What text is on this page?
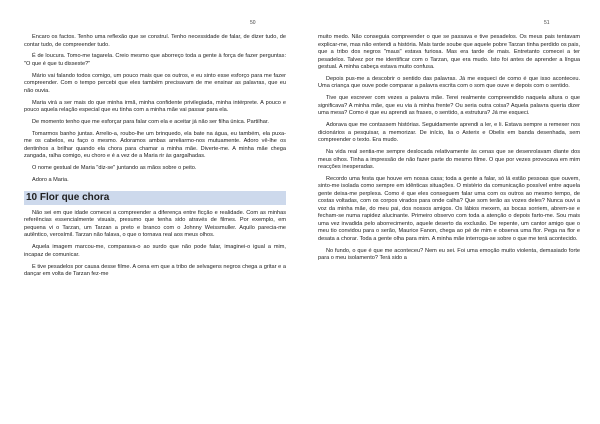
50

Encaro os factos. Tenho uma reflexão que se construí. Tenho necessidade de falar, de dizer tudo, de contar tudo, de compreender tudo.

É de loucura. Tomo-me tagarela. Creio mesmo que aborreço toda a gente à força de fazer perguntas: "O que é que tu disseste?"

Mário vai falando todos comigo, um pouco mais que os outros, e eu sinto esse esforço para me fazer compreender. Com o tempo percebi que eles também precisavam de me ensinar as palavras, que eu não ouvia.

Maria virá a ser mais do que minha irmã, minha confidente privilegiada, minha intérprete. A pouco e pouco aquela relação especial que eu tinha com a minha mãe vai passar para ela.

De momento tenho que me esforçar para falar com ela e aceitar já não ser filha única. Partilhar.

Tomarmos banho juntas. Arrelio-a, roubo-lhe um brinquedo, ela bate na água, eu também, ela puxa-me os cabelos, eu faço o mesmo. Adoramos ambas arreliarmo-nos mutuamente. Adoro vê-lhe os dentinhos a brilhar quando ela chora para chamar a minha mãe. Diverte-me. A minha mãe chega zangada, ralha comigo, eu choro e é a vez de a Maria rir às gargalhadas.

O nome gestual de Maria "diz-se" juntando as mãos sobre o peito.

Adoro a Maria.

10 Flor que chora

Não sei em que idade comecei a compreender a diferença entre ficção e realidade. Com as minhas referências essencialmente visuais, presumo que tenha sido através de filmes. Por exemplo, em pequena vi o Tarzan, um Tarzan a preto e branco com o Johnny Weissmuller. Aquilo parecia-me autêntico, verosímil. Tarzan não falava, o que o tornava real aos meus olhos.

Aquela imagem marcou-me, comparava-o ao surdo que não pode falar, imaginei-o igual a mim, incapaz de comunicar.

E tive pesadelos por causa desse filme. A cena em que a tribo de selvagens negros chega a gritar e a dançar em volta de Tarzan fez-me

51

muito medo. Não conseguia compreender o que se passava e tive pesadelos. Os meus pais tentavam explicar-me, mas não entendi a história. Mais tarde soube que aquele pobre Tarzan tinha perdido os pais, que a tribo dos negros "maus" estava furiosa. Mas era tarde de mais. Entretanto comecei a ter pesadelos. Talvez por me identificar com o Tarzan, que era mudo. Isto foi antes de aprender a língua gestual. A minha cabeça estava muito confusa.

Depois pus-me a descobrir o sentido das palavras. Já me esqueci de como é que isso aconteceu. Uma criança que ouve pode comparar a palavra escrita com o som que ouve e depois com o sentido.

Tive que escrever com vezes a palavra mãe. Terei realmente compreendido naquela altura o que significava? A minha mãe, que eu via à minha frente? Ou seria outra coisa? Aquela palavra queria dizer uma mesa? Como é que eu aprendi as frases, o sentido, a estrutura? Já me esqueci.

Adorava que me contassem histórias. Seguidamente aprendi a ler, e li. Estava sempre a remexer nos dicionários a pesquisar, a memorizar. De início, lia o Asterix e Obelix em banda desenhada, sem compreender o texto. Era mudo.

Na vida real sentia-me sempre deslocada relativamente às cenas que se desenrolavam diante dos meus olhos. Tinha a impressão de não fazer parte do mesmo filme. O que por vezes provocava em mim reacções inesperadas.

Recordo uma festa que houve em nossa casa; toda a gente a falar, só lá estão pessoas que ouvem, sinto-me isolada como sempre em idênticas situações. O mistério da comunicação possível entre aquela gente deixa-me perplexa. Como é que eles conseguem falar uma com os outros ao mesmo tempo, de costas voltadas, com os corpos virados para onde calha? Que som terão as vozes deles? Nunca ouvi a voz da minha mãe, do meu pai, dos nossos amigos. Os lábios mexem, as bocas sorriem, abrem-se e fecham-se numa rapidez alucinante. Primeiro observo com toda a atenção o depois farto-me. Sou mais uma vez invadida pelo aborrecimento, aquele deserto da exclusão. De repente, um cantor amigo que o meu tio convidou para o serão, Maurice Fanon, chega ao pé de mim e observa uma flor. Pega na flor e desata a chorar. Toda a gente olha para mim. A minha mãe interroga-se sobre o que me terá acontecido.

No fundo, o que é que me aconteceu? Nem eu sei. Foi uma emoção muito violenta, demasiado forte para o meu isolamento? Terá sido a
